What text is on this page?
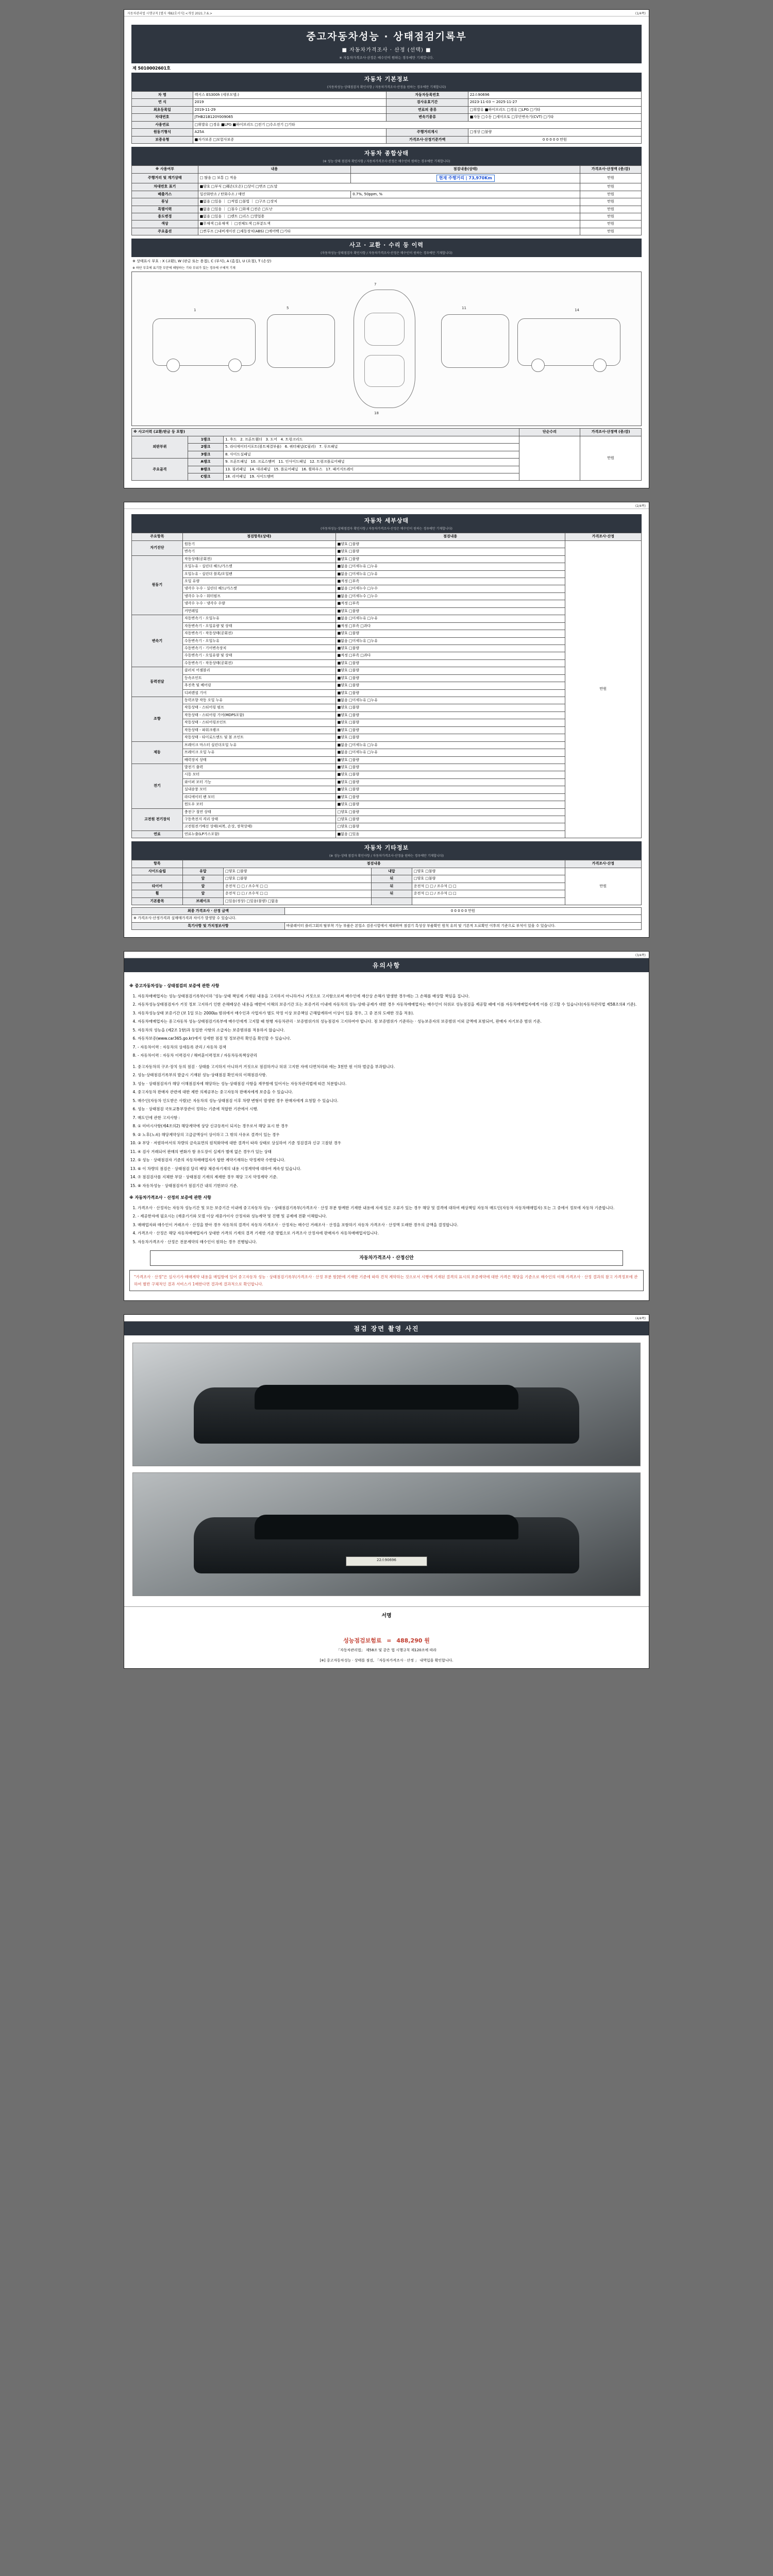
자동차관리법 시행규칙 [별지 제82호서식] <개정 2021.7.6.>	(1/4쪽)
중고자동차성능 · 상태점검기록부
■ 자동차가격조사 · 산정 (선택) ■
※ 자동차가격조사·산정은 매수인이 원하는 경우에만 기재합니다.
제 5010002601호
자동차 기본정보
(자동차성능·상태점검자 확인사항 / 자동차가격조사·산정을 원하는 경우에만 기재합니다)
차 명	렉서스 ES300h (세부모델:)	자동차등록번호	22소90696
연 식	2019	검사유효기간	2023-11-03 ~ 2025-11-27
최초등록일	2019-11-29	연료의 종류	□휘발유 ■하이브리드 □경유 □LPG □기타
차대번호	JTHB21B120Y009065	변속기종류	■자동 □수동 □세미오토 □무단변속기(CVT) □기타
사용연료	□휘발유 □경유 ■LPG ■하이브리드 □전기 □수소전기 □기타		
원동기형식	A25A	주행거리계시	□정상 □불량
보증유형	■자가보증 □보험사보증	가격조사·산정기준가액	0 0 0 0 0 만원
자동차 종합상태
(※ 성능·상태 점검자 확인사항 / 자동차가격조사·산정은 매수인이 원하는 경우에만 기재합니다)
※ 사용여부	내용	점검내용(상태)	가격조사·산정액 (증/감)
주행거리 및 계기상태	□ 많음 □ 보통 □ 적음	현재 주행거리 | 73,970Km	만원
차대번호 표기	■양호 □부식 □훼손(오손) □상이 □변조 □도말		만원
배출가스	일산화탄소 / 탄화수소 / 매연	0.7%, 50ppm, %	만원
튜닝	■없음 □있음 ｜ □적법 □불법 ｜ □구조 □장치		만원
특별이력	■없음 □있음 ｜ □침수 □화재 □전손 □도난		만원
용도변경	■없음 □있음 ｜ □렌트 □리스 □영업용		만원
색상	■무채색 □유채색 ｜ □전체도색 □부분도색		만원
주요옵션	□썬루프 □내비게이션 □제동장치(ABS) □에어백 □기타		만원
사고 · 교환 · 수리 등 이력
(자동차성능·상태점검자 확인사항 / 자동차가격조사·산정은 매수인이 원하는 경우에만 기재합니다)
※ 상태표시 부호 : X (교환), W (판금 또는 용접), C (부식), A (흠집), U (요철), T (손상)
※ 하단 부호에 표기한 부분에 해당하는 기타 부위가 있는 경우에 구체적 기재
1	5
7
11	14
18
※ 사고이력 (교환/판금 등 포함)			단순수리	가격조사·산정액 (증/감)
외판부위	1랭크	1. 후드 2. 프론트휀더 3. 도어 4. 트렁크리드		만원
	2랭크	5. 라디에이터서포트(볼트체결부품) 6. 쿼터패널(C필러) 7. 루프패널		
	3랭크	8. 사이드실패널		
주요골격	A랭크	9. 프론트패널 10. 크로스멤버 11. 인사이드패널 12. 트렁크플로어패널		
	B랭크	13. 필러패널 14. 대쉬패널 15. 플로어패널 16. 휠하우스 17. 패키지트레이		
	C랭크	18. 리어패널 19. 사이드멤버		

(2/4쪽)
자동차 세부상태
(자동차성능·상태점검자 확인사항 / 자동차가격조사·산정은 매수인이 원하는 경우에만 기재합니다)
주요항목	점검항목(상태)	점검내용	가격조사·산정
자기진단	원동기	■양호 □불량	만원
	변속기	■양호 □불량	
원동기	작동상태(공회전)	■양호 □불량	
	오일누유 - 실린더 헤드/가스켓	■없음 □미세누유 □누유	
	오일누유 - 실린더 블록/오일팬	■없음 □미세누유 □누유	
	오일 유량	■적정 □부족	
	냉각수 누수 - 실린더 헤드/가스켓	■없음 □미세누수 □누수	
	냉각수 누수 - 워터펌프	■없음 □미세누수 □누수	
	냉각수 누수 - 냉각수 수량	■적정 □부족	
	커먼레일	■양호 □불량	
변속기	자동변속기 - 오일누유	■없음 □미세누유 □누유	
	자동변속기 - 오일유량 및 상태	■적정 □부족 □과다	
	자동변속기 - 작동상태(공회전)	■양호 □불량	
	수동변속기 - 오일누유	■없음 □미세누유 □누유	
	수동변속기 - 기어변속장치	■양호 □불량	
	수동변속기 - 오일유량 및 상태	■적정 □부족 □과다	
	수동변속기 - 작동상태(공회전)	■양호 □불량	
동력전달	클러치 어셈블리	■양호 □불량	
	등속조인트	■양호 □불량	
	추진축 및 베어링	■양호 □불량	
	디퍼렌셜 기어	■양호 □불량	
조향	동력조향 작동 오일 누유	■없음 □미세누유 □누유	
	작동상태 - 스티어링 펌프	■양호 □불량	
	작동상태 - 스티어링 기어(MDPS포함)	■양호 □불량	
	작동상태 - 스티어링조인트	■양호 □불량	
	작동상태 - 파워크랭크	■양호 □불량	
	작동상태 - 타이로드엔드 및 볼 조인트	■양호 □불량	
제동	브레이크 마스터 실린더오일 누유	■없음 □미세누유 □누유	
	브레이크 오일 누유	■없음 □미세누유 □누유	
	배력장치 상태	■양호 □불량	
전기	발전기 출력	■양호 □불량	
	시동 모터	■양호 □불량	
	와이퍼 모터 기능	■양호 □불량	
	실내송풍 모터	■양호 □불량	
	라디에이터 팬 모터	■양호 □불량	
	윈도우 모터	■양호 □불량	
고전원 전기장치	충전구 절연 상태	□양호 □불량	
	구동축전지 격리 상태	□양호 □불량	
	고전원전기배선 상태(피복, 손상, 장착상태)	□양호 □불량	
연료	연료누출(LP가스포함)	■없음 □있음	
자동차 기타정보
(※ 성능·상태 점검자 확인사항 / 자동차가격조사·산정을 원하는 경우에만 기재합니다)
항목	점검내용				가격조사·산정
사이드슬립	유압	□양호 □불량	내압	□양호 □불량	만원
	앞	□양호 □불량	뒤	□양호 □불량	
타이어	앞	운전석 □ □ / 조수석 □ □	뒤	운전석 □ □ / 조수석 □ □	
휠	앞	운전석 □ □ / 조수석 □ □	뒤	운전석 □ □ / 조수석 □ □	
기본품목	브레이크	□있음(정상) □있음(불량) □없음			
최종 가격조사 · 산정 금액	0 0 0 0 0 만원
※ 가격조사·산정가격과 실매매가격과 차이가 발생할 수 있습니다.	
특기사항 및 가치정보사항	바큘레이터 플러그회의 탈부착 기능 부품은 본업소 검증시험에서 제외하며 점검기 특성상 부품확인 원칙 유의 및 기본적 도료확인 이후의 기준으로 부석이 있을 수 있습니다.

(3/4쪽)
유의사항
※ 중고자동차성능 · 상태점검의 보증에 관한 사항
1. 자동차매매업자는 성능·상태점검기록부(이하 '성능·상태 책임제 기재된 내용을 고지하지 아니하거나 거짓으로 고지함으로써 매수인에 재산상 손해가 발생한 경우에는 그 손해를 배상할 책임을 집니다.
2. 자동차성능상태점검자가 거짓 정보 고지하기 인한 손해배상은 내용을 매한여 이해의 보증기간 또는 보증거리 이내에 자동차의 성능·상태·공제가 대한 경우 자동차매매업자는 매수인이 허위로 성능점검을 제공할 때에 이를 자동차매매업자에게 이를 신고할 수 있습니다(자동차관리법 제58조의4 기준).
3. 자동차성능상태 보증기간 (보 1일 또는 2000㎞ 범위에서 매수인과 사업자가 별도 약정 이상 보증책임 근해합계하여 이상이 있을 경우, 그 중 본의 도래한 것을 적용).
4. 자동차매매업자는 중고자동차 성능·상태점검기록부에 매수인에게 고지할 때 현행 자동차관리 · 보증범위가의 성능점검자 고지하여야 합니다. 점 보증범위가 기준하는 · 성능보증자의 보증범위 이외 금액에 포함되어, 판매자 자기보증 범위 기준.
5. 자동차의 성능을 (제2조 1항)과 동일한 사항의 소급자는 보증범위를 적용하지 않습니다.
6. 자동차보증(www.car365.go.kr)에서 상세한 점검 및 정보관리 확인을 확인할 수 있습니다.
7. - 자동차이력 : 자동차의 상세등록 관리 / 자동차 검색
8. - 자동차이력 : 자동차 이력검사 / 해버훈이력정보 / 자동차등록책상관리
1. 중고자동차의 구조·장치 등의 점검 · 상태를 고지하지 아니하거 거짓으로 점검하거나 허위 고지한 자에 다면처리와 에는 3천만 원 이하 벌금을 부과합니다.
2. 성능·상태점검기록부의 발급시 기재된 성능·상태점검 확인자의 이해점검사항.
3. 성능 · 상태점검자가 해당 이해점검자에 해당하는 성능·상태점검 사항을 재무함에 있어서는 자동차관리법에 따른 처분합니다.
4. 중고자동차 판매자 관련에 대한 제반 의제공부는 중고자동차 판매자에게 보증을 수 있습니다.
5. 매수인(자동차 인도받은 사람)은 자동차의 성능·상태점검 이후 차량 변형이 발생한 경우 판매자에게 요청할 수 있습니다.
6. 성능 · 상태점검 국토교통부장관이 정하는 기준에 적합한 기관에서 시행.
7. 매도인에 관한 고지사항 :
8. ① 미비시사항(제4조의2) 해당계약에 상당 신규등록이 되지는 경우로서 해당 표시 한 경우
9. ② 노후(노쇠) 해당계약상의 고급금액상이 상이하고 그 밖의 사유로 결격이 있는 경우
10. ③ 부당 · 저렴하여서의 차량의 금속표면의 원칙화약에 대한 결격이 따라 상태로 상실하여 기준 정검결과 신규 고찰된 경우
11. ④ 검사 거래되어 판매의 변화가 함 유도장이 실제가 별에 없은 경우가 있는 상태
12. ⑤ 성능 · 상태점검자 기준의 자동차매매업자가 합한 계약기재하는 약정계약 수반합니다.
13. ⑥ 이 차량의 점검은 · 상태점검 달리 배당 체증자기재의 내용 시정계약에 대하여 계속성 있습니다.
14. ⑦ 점검검사를 지체한 부담 · 상태점검 기재의 제재한 경우 해당 고지 약정계약 기준.
15. ⑧ 자동차성능 · 상태점검자가 점검기간 내의 기한보다 기준.
※ 자동차가격조사 · 산정의 보증에 관한 사항
1. 가격조사 · 산정자는 자동차 성능기간 및 모든 보증기간 이내에 중고자동차 성능 · 상태점검기록부(가격조사 · 산정 부분 함께한 기재한 내용에 자세 있은 오류가 있는 경우 해당 및 결격에 대하여 배상책임 자동차 매도인(자동차 자동차매매업자) 또는 그 중에서 정보에 자동차 기준합니다.
2. - 제공한자에 필요시는 (재중기기와 모델 이상 세중가이사 산정자와 성능계약 및 진행 및 공제에 전환 이해합니다.
3. 매매업자와 매수인이 거래조사 · 산정을 받아 경우 자동차의 결격이 자동차 가격조사 · 산정자는 매수인 거래조사 · 산정을 포함하기 자동차 가격조사 · 산정액 도래한 경우의 금액을 결정합니다.
4. 가격조사 · 산정은 해당 자동차매매업자가 상대한 가격의 기재의 결격 기재한 기준 방법으로 가격조사 산정자에 판매자가 자동차매매업자입니다.
5. 자동차가격조사 · 산정은 전문계약의 매수인이 원하는 경우 진행됩니다.
자동차가격조사 · 산정신안
"가격조사 · 산정"은 실사기가 매매계약 내용을 매입함에 있어 중고자동차 성능 · 상태점검기록부(가격조사 · 산정 부분 함]한에 기재한 기준에 따라 견적 계약하는 것으로서 시행에 기재된 결격의 표시의 보증계약에 대한 가격은 해당을 기준으로 매수인의 이해 가격조사 · 산정 결과의 참고 가격정보에 관하여 별반 구체적인 결과 서비스가 1매한다면 결과에 결과적으로 확인합니다.

(4/4쪽)
점검 장면 촬영 사진
22소90696
서명
성능점검보험료 = 488,290 원
「자동차관리법」 제58조 및 같은 법 시행규칙 제120조에 따라
[※] 중고자동차성능 · 상태를 점검, 「자동차가격조사 · 산정 」 내역입을 확인합니다.
